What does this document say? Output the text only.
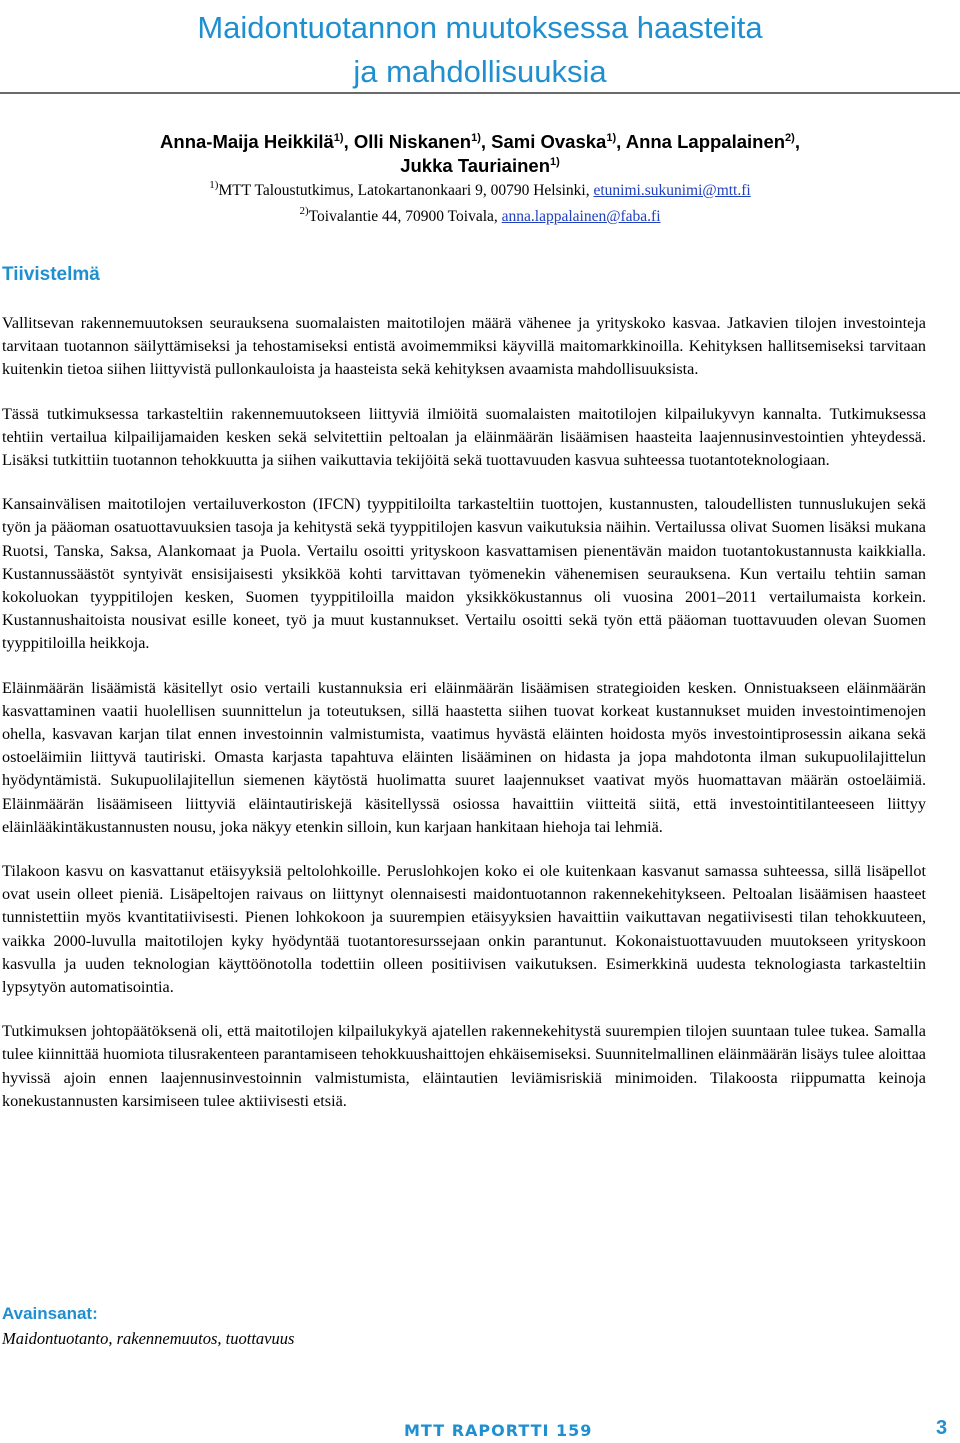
Maidontuotannon muutoksessa haasteita
ja mahdollisuuksia
Anna-Maija Heikkilä$^{1)}$, Olli Niskanen$^{1)}$, Sami Ovaska$^{1)}$, Anna Lappalainen$^{2)}$,
Jukka Tauriainen$^{1)}$
$^{1)}$MTT Taloustutkimus, Latokartanonkaari 9, 00790 Helsinki, etunimi.sukunimi@mtt.fi
$^{2)}$Toivalantie 44, 70900 Toivala, anna.lappalainen@faba.fi
Tiivistelmä

Vallitsevan rakennemuutoksen seurauksena suomalaisten maitotilojen määrä vähenee ja yrityskoko kasvaa. Jatkavien tilojen investointeja tarvitaan tuotannon säilyttämiseksi ja tehostamiseksi entistä avoimemmiksi käyvillä maitomarkkinoilla. Kehityksen hallitsemiseksi tarvitaan kuitenkin tietoa siihen liittyvistä pullonkauloista ja haasteista sekä kehityksen avaamista mahdollisuuksista.

Tässä tutkimuksessa tarkasteltiin rakennemuutokseen liittyviä ilmiöitä suomalaisten maitotilojen kilpailukyvyn kannalta. Tutkimuksessa tehtiin vertailua kilpailijamaiden kesken sekä selvitettiin peltoalan ja eläinmäärän lisäämisen haasteita laajennusinvestointien yhteydessä. Lisäksi tutkittiin tuotannon tehokkuutta ja siihen vaikuttavia tekijöitä sekä tuottavuuden kasvua suhteessa tuotantoteknologiaan.

Kansainvälisen maitotilojen vertailuverkoston (IFCN) tyyppitiloilta tarkasteltiin tuottojen, kustannusten, taloudellisten tunnuslukujen sekä työn ja pääoman osatuottavuuksien tasoja ja kehitystä sekä tyyppitilojen kasvun vaikutuksia näihin. Vertailussa olivat Suomen lisäksi mukana Ruotsi, Tanska, Saksa, Alankomaat ja Puola. Vertailu osoitti yrityskoon kasvattamisen pienentävän maidon tuotantokustannusta kaikkialla. Kustannussäästöt syntyivät ensisijaisesti yksikköä kohti tarvittavan työmenekin vähenemisen seurauksena. Kun vertailu tehtiin saman kokoluokan tyyppitilojen kesken, Suomen tyyppitiloilla maidon yksikkökustannus oli vuosina 2001–2011 vertailumaista korkein. Kustannushaitoista nousivat esille koneet, työ ja muut kustannukset. Vertailu osoitti sekä työn että pääoman tuottavuuden olevan Suomen tyyppitiloilla heikkoja.

Eläinmäärän lisäämistä käsitellyt osio vertaili kustannuksia eri eläinmäärän lisäämisen strategioiden kesken. Onnistuakseen eläinmäärän kasvattaminen vaatii huolellisen suunnittelun ja toteutuksen, sillä haastetta siihen tuovat korkeat kustannukset muiden investointimenojen ohella, kasvavan karjan tilat ennen investoinnin valmistumista, vaatimus hyvästä eläinten hoidosta myös investointiprosessin aikana sekä ostoeläimiin liittyvä tautiriski. Omasta karjasta tapahtuva eläinten lisääminen on hidasta ja jopa mahdotonta ilman sukupuolilajittelun hyödyntämistä. Sukupuolilajitellun siemenen käytöstä huolimatta suuret laajennukset vaativat myös huomattavan määrän ostoeläimiä. Eläinmäärän lisäämiseen liittyviä eläintautiriskejä käsitellyssä osiossa havaittiin viitteitä siitä, että investointitilanteeseen liittyy eläinlääkintäkustannusten nousu, joka näkyy etenkin silloin, kun karjaan hankitaan hiehoja tai lehmiä.

Tilakoon kasvu on kasvattanut etäisyyksiä peltolohkoille. Peruslohkojen koko ei ole kuitenkaan kasvanut samassa suhteessa, sillä lisäpellot ovat usein olleet pieniä. Lisäpeltojen raivaus on liittynyt olennaisesti maidontuotannon rakennekehitykseen. Peltoalan lisäämisen haasteet tunnistettiin myös kvantitatiivisesti. Pienen lohkokoon ja suurempien etäisyyksien havaittiin vaikuttavan negatiivisesti tilan tehokkuuteen, vaikka 2000-luvulla maitotilojen kyky hyödyntää tuotantoresurssejaan onkin parantunut. Kokonaistuottavuuden muutokseen yrityskoon kasvulla ja uuden teknologian käyttöönotolla todettiin olleen positiivisen vaikutuksen. Esimerkkinä uudesta teknologiasta tarkasteltiin lypsytyön automatisointia.

Tutkimuksen johtopäätöksenä oli, että maitotilojen kilpailukykyä ajatellen rakennekehitystä suurempien tilojen suuntaan tulee tukea. Samalla tulee kiinnittää huomiota tilusrakenteen parantamiseen tehokkuushaittojen ehkäisemiseksi. Suunnitelmallinen eläinmäärän lisäys tulee aloittaa hyvissä ajoin ennen laajennusinvestoinnin valmistumista, eläintautien leviämisriskiä minimoiden. Tilakoosta riippumatta keinoja konekustannusten karsimiseen tulee aktiivisesti etsiä.

Avainsanat:
Maidontuotanto, rakennemuutos, tuottavuus
MTT RAPORTTI 159	3
